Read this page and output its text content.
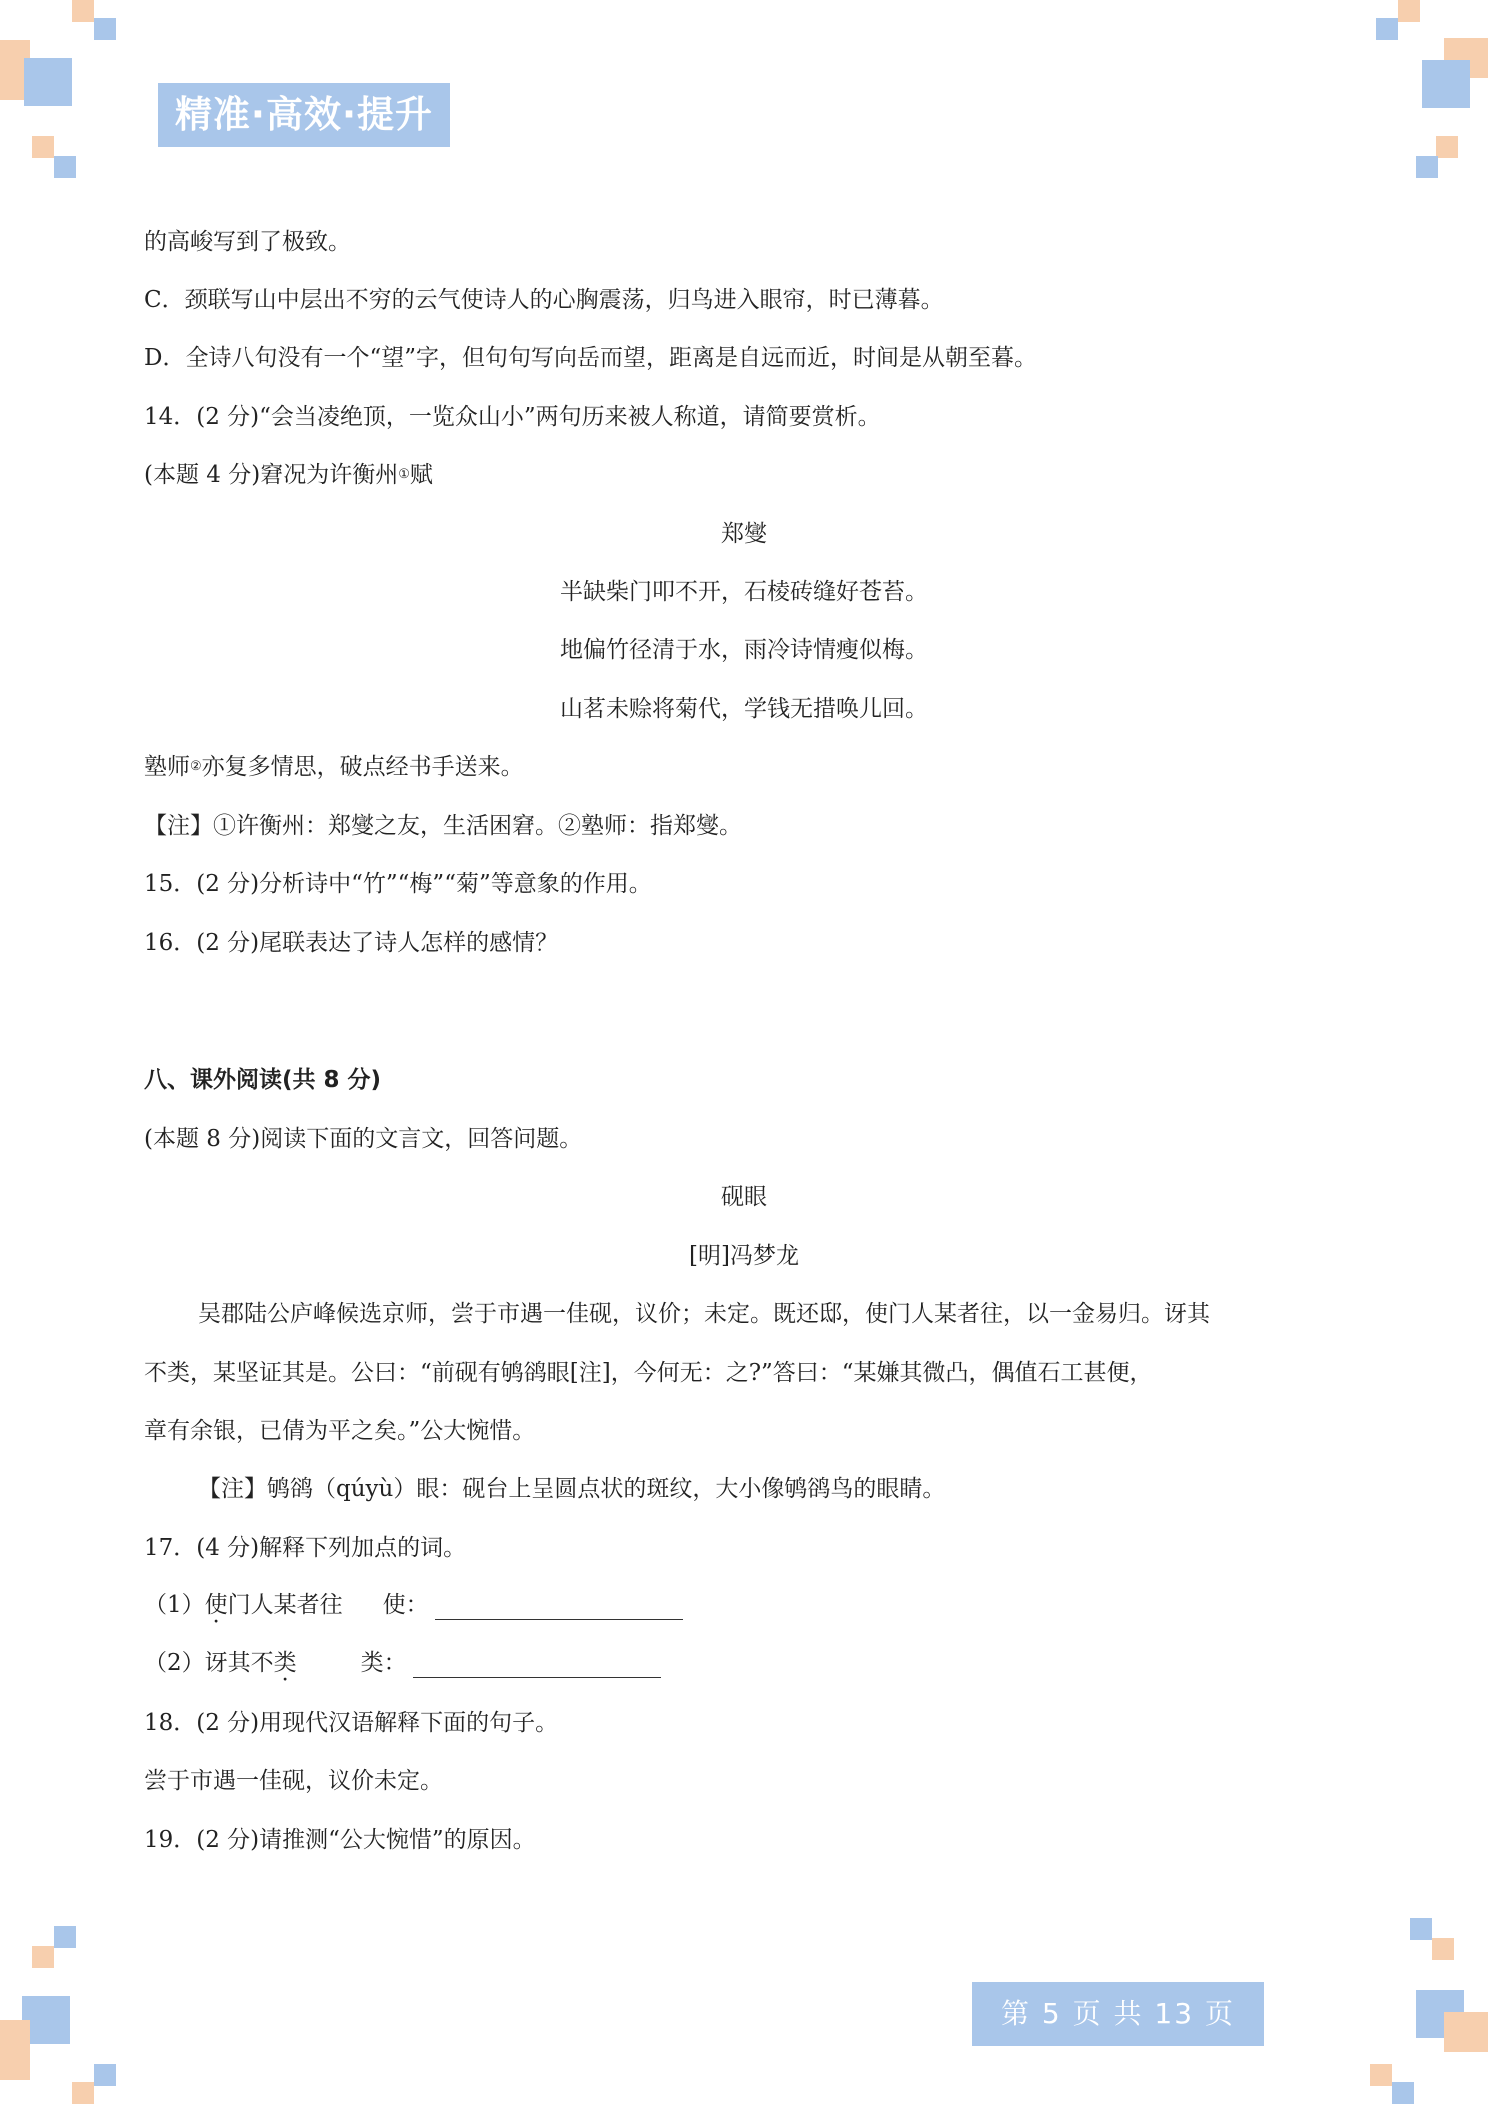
精准·高效·提升
的高峻写到了极致。
C．颈联写山中层出不穷的云气使诗人的心胸震荡，归鸟进入眼帘，时已薄暮。
D．全诗八句没有一个“望”字，但句句写向岳而望，距离是自远而近，时间是从朝至暮。
14．(2 分)“会当凌绝顶，一览众山小”两句历来被人称道，请简要赏析。
(本题 4 分)窘况为许衡州①赋
郑燮
半缺柴门叩不开，石棱砖缝好苍苔。
地偏竹径清于水，雨冷诗情瘦似梅。
山茗未赊将菊代，学钱无措唤儿回。
塾师②亦复多情思，破点经书手送来。
【注】①许衡州：郑燮之友，生活困窘。②塾师：指郑燮。
15．(2 分)分析诗中“竹”“梅”“菊”等意象的作用。
16．(2 分)尾联表达了诗人怎样的感情？
八、课外阅读(共 8 分)
(本题 8 分)阅读下面的文言文，回答问题。
砚眼
[明]冯梦龙
吴郡陆公庐峰候选京师，尝于市遇一佳砚，议价；未定。既还邸，使门人某者往，以一金易归。讶其
不类，某坚证其是。公曰：“前砚有鸲鹆眼[注]，今何无：之?”答曰：“某嫌其微凸，偶值石工甚便，
章有余银，已倩为平之矣。”公大惋惜。
【注】鸲鹆（qúyù）眼：砚台上呈圆点状的斑纹，大小像鸲鹆鸟的眼睛。
17．(4 分)解释下列加点的词。
（1）使门人某者往 使：
（2）讶其不类	类：
18．(2 分)用现代汉语解释下面的句子。
尝于市遇一佳砚，议价未定。
19．(2 分)请推测“公大惋惜”的原因。
第 5 页 共 13 页
